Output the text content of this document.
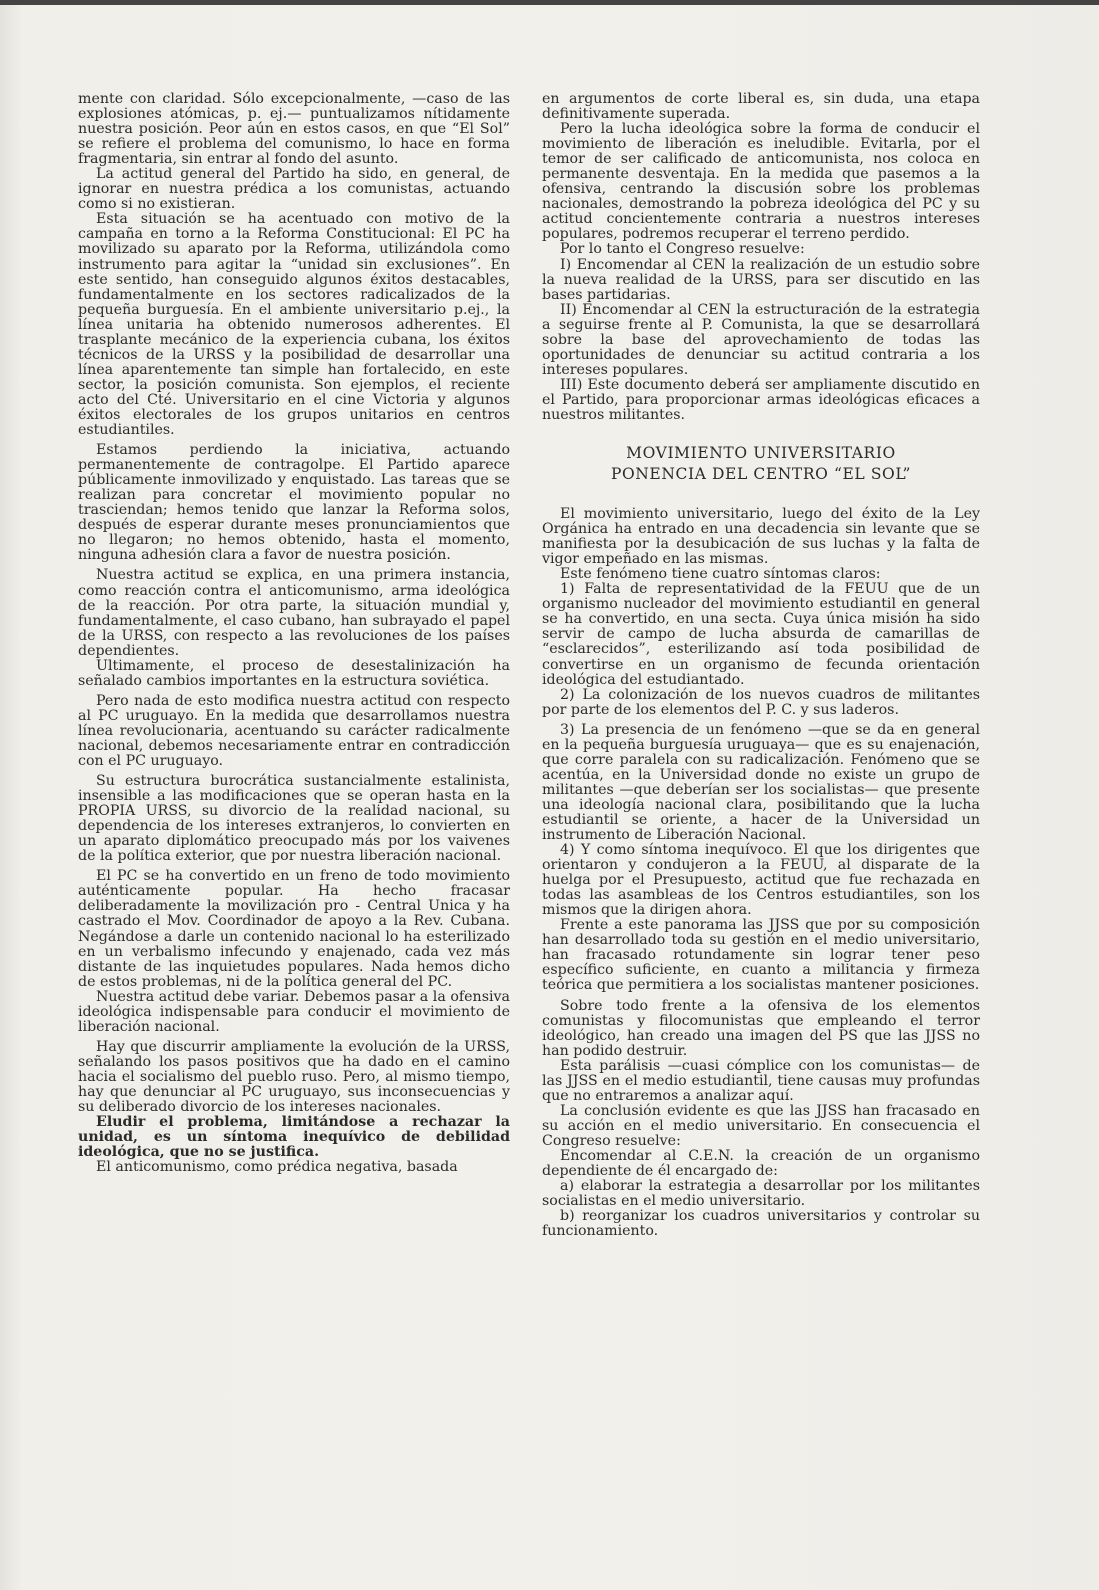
mente con claridad. Sólo excepcionalmente, —caso de las explosiones atómicas, p. ej.— puntualizamos nítidamente nuestra posición. Peor aún en estos casos, en que “El Sol” se refiere el problema del comunismo, lo hace en forma fragmentaria, sin entrar al fondo del asunto.

La actitud general del Partido ha sido, en general, de ignorar en nuestra prédica a los comunistas, actuando como si no existieran.

Esta situación se ha acentuado con motivo de la campaña en torno a la Reforma Constitucional: El PC ha movilizado su aparato por la Reforma, utilizándola como instrumento para agitar la “unidad sin exclusiones”. En este sentido, han conseguido algunos éxitos destacables, fundamentalmente en los sectores radicalizados de la pequeña burguesía. En el ambiente universitario p.ej., la línea unitaria ha obtenido numerosos adherentes. El trasplante mecánico de la experiencia cubana, los éxitos técnicos de la URSS y la posibilidad de desarrollar una línea aparentemente tan simple han fortalecido, en este sector, la posición comunista. Son ejemplos, el reciente acto del Cté. Universitario en el cine Victoria y algunos éxitos electorales de los grupos unitarios en centros estudiantiles.

Estamos perdiendo la iniciativa, actuando permanentemente de contragolpe. El Partido aparece públicamente inmovilizado y enquistado. Las tareas que se realizan para concretar el movimiento popular no trasciendan; hemos tenido que lanzar la Reforma solos, después de esperar durante meses pronunciamientos que no llegaron; no hemos obtenido, hasta el momento, ninguna adhesión clara a favor de nuestra posición.

Nuestra actitud se explica, en una primera instancia, como reacción contra el anticomunismo, arma ideológica de la reacción. Por otra parte, la situación mundial y, fundamentalmente, el caso cubano, han subrayado el papel de la URSS, con respecto a las revoluciones de los países dependientes.

Ultimamente, el proceso de desestalinización ha señalado cambios importantes en la estructura soviética.

Pero nada de esto modifica nuestra actitud con respecto al PC uruguayo. En la medida que desarrollamos nuestra línea revolucionaria, acentuando su carácter radicalmente nacional, debemos necesariamente entrar en contradicción con el PC uruguayo.

Su estructura burocrática sustancialmente estalinista, insensible a las modificaciones que se operan hasta en la PROPIA URSS, su divorcio de la realidad nacional, su dependencia de los intereses extranjeros, lo convierten en un aparato diplomático preocupado más por los vaivenes de la política exterior, que por nuestra liberación nacional.

El PC se ha convertido en un freno de todo movimiento auténticamente popular. Ha hecho fracasar deliberadamente la movilización pro - Central Unica y ha castrado el Mov. Coordinador de apoyo a la Rev. Cubana. Negándose a darle un contenido nacional lo ha esterilizado en un verbalismo infecundo y enajenado, cada vez más distante de las inquietudes populares. Nada hemos dicho de estos problemas, ni de la política general del PC.

Nuestra actitud debe variar. Debemos pasar a la ofensiva ideológica indispensable para conducir el movimiento de liberación nacional.

Hay que discurrir ampliamente la evolución de la URSS, señalando los pasos positivos que ha dado en el camino hacia el socialismo del pueblo ruso. Pero, al mismo tiempo, hay que denunciar al PC uruguayo, sus inconsecuencias y su deliberado divorcio de los intereses nacionales.

Eludir el problema, limitándose a rechazar la unidad, es un síntoma inequívico de debilidad ideológica, que no se justifica.

El anticomunismo, como prédica negativa, basada

en argumentos de corte liberal es, sin duda, una etapa definitivamente superada.

Pero la lucha ideológica sobre la forma de conducir el movimiento de liberación es ineludible. Evitarla, por el temor de ser calificado de anticomunista, nos coloca en permanente desventaja. En la medida que pasemos a la ofensiva, centrando la discusión sobre los problemas nacionales, demostrando la pobreza ideológica del PC y su actitud concientemente contraria a nuestros intereses populares, podremos recuperar el terreno perdido.

Por lo tanto el Congreso resuelve:

I) Encomendar al CEN la realización de un estudio sobre la nueva realidad de la URSS, para ser discutido en las bases partidarias.

II) Encomendar al CEN la estructuración de la estrategia a seguirse frente al P. Comunista, la que se desarrollará sobre la base del aprovechamiento de todas las oportunidades de denunciar su actitud contraria a los intereses populares.

III) Este documento deberá ser ampliamente discutido en el Partido, para proporcionar armas ideológicas eficaces a nuestros militantes.

MOVIMIENTO UNIVERSITARIO
PONENCIA DEL CENTRO “EL SOL”

El movimiento universitario, luego del éxito de la Ley Orgánica ha entrado en una decadencia sin levante que se manifiesta por la desubicación de sus luchas y la falta de vigor empeñado en las mismas.

Este fenómeno tiene cuatro síntomas claros:

1) Falta de representatividad de la FEUU que de un organismo nucleador del movimiento estudiantil en general se ha convertido, en una secta. Cuya única misión ha sido servir de campo de lucha absurda de camarillas de “esclarecidos”, esterilizando así toda posibilidad de convertirse en un organismo de fecunda orientación ideológica del estudiantado.

2) La colonización de los nuevos cuadros de militantes por parte de los elementos del P. C. y sus laderos.

3) La presencia de un fenómeno —que se da en general en la pequeña burguesía uruguaya— que es su enajenación, que corre paralela con su radicalización. Fenómeno que se acentúa, en la Universidad donde no existe un grupo de militantes —que deberían ser los socialistas— que presente una ideología nacional clara, posibilitando que la lucha estudiantil se oriente, a hacer de la Universidad un instrumento de Liberación Nacional.

4) Y como síntoma inequívoco. El que los dirigentes que orientaron y condujeron a la FEUU, al disparate de la huelga por el Presupuesto, actitud que fue rechazada en todas las asambleas de los Centros estudiantiles, son los mismos que la dirigen ahora.

Frente a este panorama las JJSS que por su composición han desarrollado toda su gestión en el medio universitario, han fracasado rotundamente sin lograr tener peso específico suficiente, en cuanto a militancia y firmeza teórica que permitiera a los socialistas mantener posiciones.

Sobre todo frente a la ofensiva de los elementos comunistas y filocomunistas que empleando el terror ideológico, han creado una imagen del PS que las JJSS no han podido destruir.

Esta parálisis —cuasi cómplice con los comunistas— de las JJSS en el medio estudiantil, tiene causas muy profundas que no entraremos a analizar aquí.

La conclusión evidente es que las JJSS han fracasado en su acción en el medio universitario. En consecuencia el Congreso resuelve:

Encomendar al C.E.N. la creación de un organismo dependiente de él encargado de:

a) elaborar la estrategia a desarrollar por los militantes socialistas en el medio universitario.

b) reorganizar los cuadros universitarios y controlar su funcionamiento.
